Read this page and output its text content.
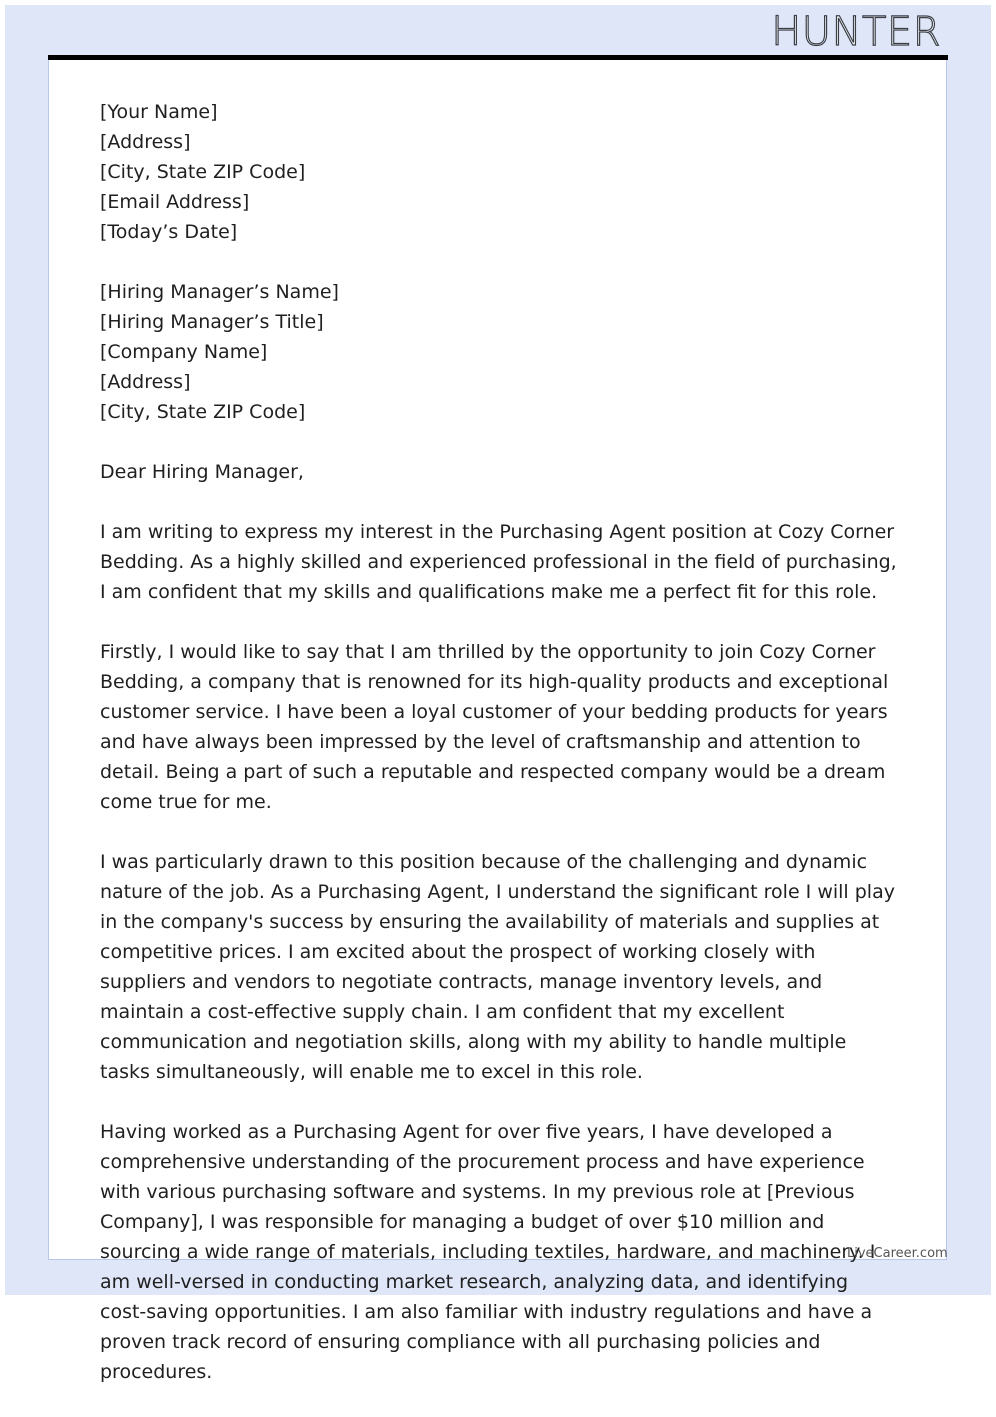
HUNTER

[Your Name]
[Address]
[City, State ZIP Code]
[Email Address]
[Today’s Date]

[Hiring Manager’s Name]
[Hiring Manager’s Title]
[Company Name]
[Address]
[City, State ZIP Code]

Dear Hiring Manager,

I am writing to express my interest in the Purchasing Agent position at Cozy Corner Bedding. As a highly skilled and experienced professional in the field of purchasing, I am confident that my skills and qualifications make me a perfect fit for this role.

Firstly, I would like to say that I am thrilled by the opportunity to join Cozy Corner Bedding, a company that is renowned for its high-quality products and exceptional customer service. I have been a loyal customer of your bedding products for years and have always been impressed by the level of craftsmanship and attention to detail. Being a part of such a reputable and respected company would be a dream come true for me.

I was particularly drawn to this position because of the challenging and dynamic nature of the job. As a Purchasing Agent, I understand the significant role I will play in the company's success by ensuring the availability of materials and supplies at competitive prices. I am excited about the prospect of working closely with suppliers and vendors to negotiate contracts, manage inventory levels, and maintain a cost-effective supply chain. I am confident that my excellent communication and negotiation skills, along with my ability to handle multiple tasks simultaneously, will enable me to excel in this role.

Having worked as a Purchasing Agent for over five years, I have developed a comprehensive understanding of the procurement process and have experience with various purchasing software and systems. In my previous role at [Previous Company], I was responsible for managing a budget of over $10 million and sourcing a wide range of materials, including textiles, hardware, and machinery. I am well-versed in conducting market research, analyzing data, and identifying cost-saving opportunities. I am also familiar with industry regulations and have a proven track record of ensuring compliance with all purchasing policies and procedures.

LiveCareer.com
